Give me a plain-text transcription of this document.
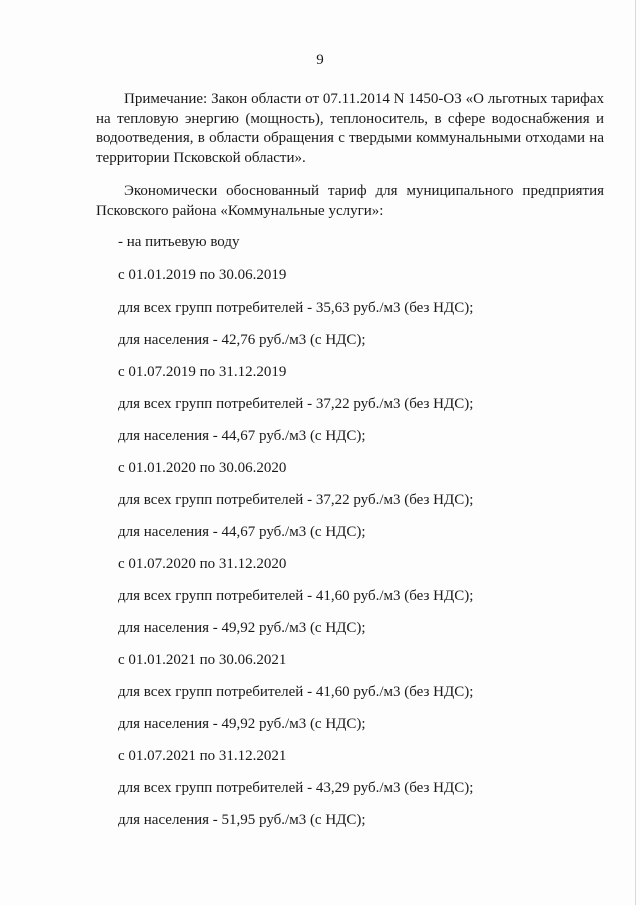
9

Примечание: Закон области от 07.11.2014 N 1450-ОЗ «О льготных тарифах на тепловую энергию (мощность), теплоноситель, в сфере водоснабжения и водоотведения, в области обращения с твердыми коммунальными отходами на территории Псковской области».

Экономически обоснованный тариф для муниципального предприятия Псковского района «Коммунальные услуги»:

- на питьевую воду

с 01.01.2019 по 30.06.2019

для всех групп потребителей - 35,63 руб./м3 (без НДС);

для населения - 42,76 руб./м3 (с НДС);

с 01.07.2019 по 31.12.2019

для всех групп потребителей - 37,22 руб./м3 (без НДС);

для населения - 44,67 руб./м3 (с НДС);

с 01.01.2020 по 30.06.2020

для всех групп потребителей - 37,22 руб./м3 (без НДС);

для населения - 44,67 руб./м3 (с НДС);

с 01.07.2020 по 31.12.2020

для всех групп потребителей - 41,60 руб./м3 (без НДС);

для населения - 49,92 руб./м3 (с НДС);

с 01.01.2021 по 30.06.2021

для всех групп потребителей - 41,60 руб./м3 (без НДС);

для населения - 49,92 руб./м3 (с НДС);

с 01.07.2021 по 31.12.2021

для всех групп потребителей - 43,29 руб./м3 (без НДС);

для населения - 51,95 руб./м3 (с НДС);
